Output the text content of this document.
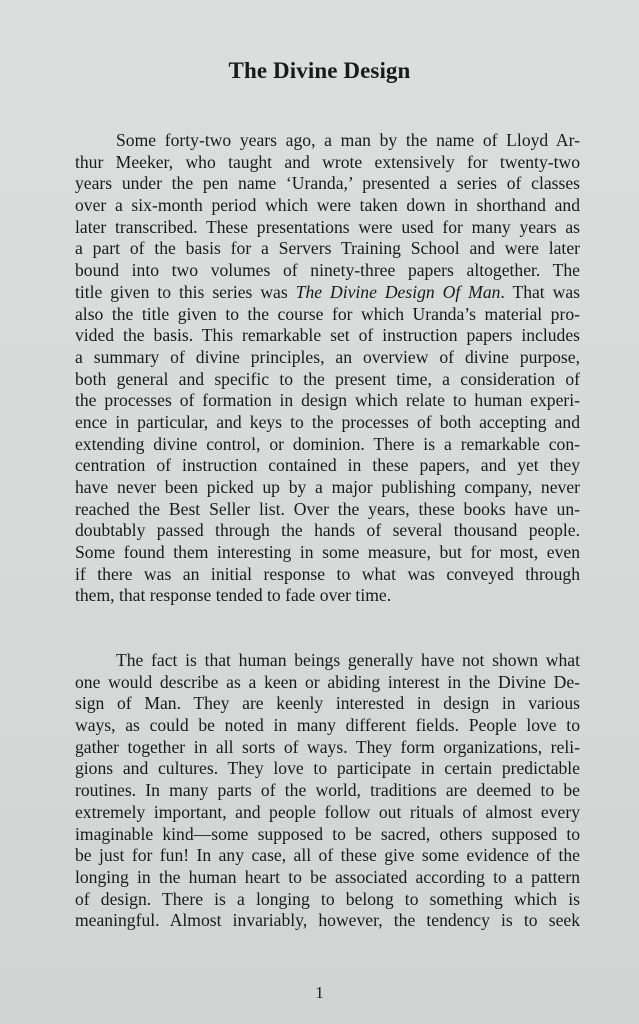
The Divine Design
Some forty-two years ago, a man by the name of Lloyd Ar-
thur Meeker, who taught and wrote extensively for twenty-two
years under the pen name ‘Uranda,’ presented a series of classes
over a six-month period which were taken down in shorthand and
later transcribed. These presentations were used for many years as
a part of the basis for a Servers Training School and were later
bound into two volumes of ninety-three papers altogether. The
title given to this series was The Divine Design Of Man. That was
also the title given to the course for which Uranda’s material pro-
vided the basis. This remarkable set of instruction papers includes
a summary of divine principles, an overview of divine purpose,
both general and specific to the present time, a consideration of
the processes of formation in design which relate to human experi-
ence in particular, and keys to the processes of both accepting and
extending divine control, or dominion. There is a remarkable con-
centration of instruction contained in these papers, and yet they
have never been picked up by a major publishing company, never
reached the Best Seller list. Over the years, these books have un-
doubtably passed through the hands of several thousand people.
Some found them interesting in some measure, but for most, even
if there was an initial response to what was conveyed through
them, that response tended to fade over time.
The fact is that human beings generally have not shown what
one would describe as a keen or abiding interest in the Divine De-
sign of Man. They are keenly interested in design in various
ways, as could be noted in many different fields. People love to
gather together in all sorts of ways. They form organizations, reli-
gions and cultures. They love to participate in certain predictable
routines. In many parts of the world, traditions are deemed to be
extremely important, and people follow out rituals of almost every
imaginable kind—some supposed to be sacred, others supposed to
be just for fun! In any case, all of these give some evidence of the
longing in the human heart to be associated according to a pattern
of design. There is a longing to belong to something which is
meaningful. Almost invariably, however, the tendency is to seek
1
